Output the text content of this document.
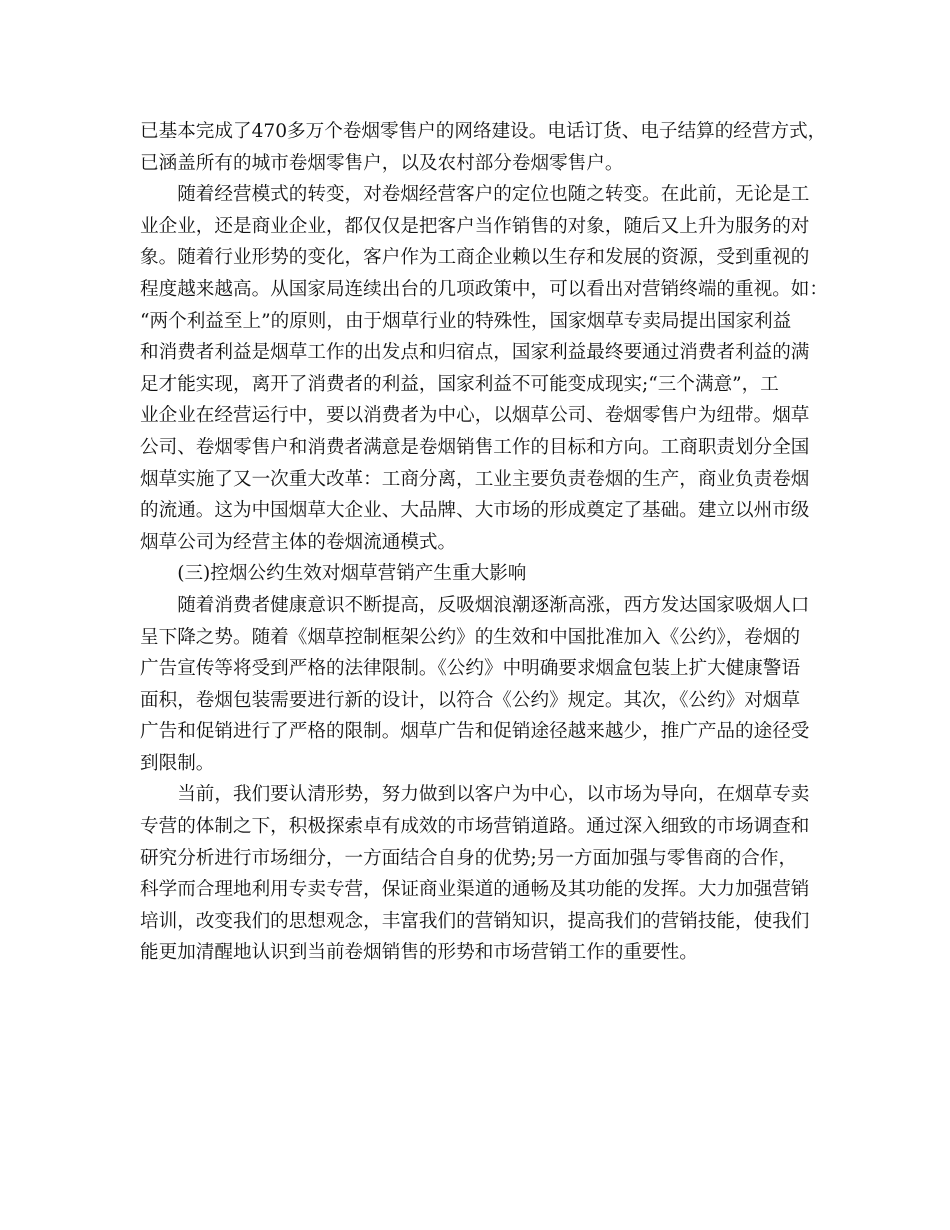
已基本完成了470多万个卷烟零售户的网络建设。电话订货、电子结算的经营方式，
已涵盖所有的城市卷烟零售户，以及农村部分卷烟零售户。
　　随着经营模式的转变，对卷烟经营客户的定位也随之转变。在此前，无论是工
业企业，还是商业企业，都仅仅是把客户当作销售的对象，随后又上升为服务的对
象。随着行业形势的变化，客户作为工商企业赖以生存和发展的资源，受到重视的
程度越来越高。从国家局连续出台的几项政策中，可以看出对营销终端的重视。如：
“两个利益至上”的原则，由于烟草行业的特殊性，国家烟草专卖局提出国家利益
和消费者利益是烟草工作的出发点和归宿点，国家利益最终要通过消费者利益的满
足才能实现，离开了消费者的利益，国家利益不可能变成现实;“三个满意”，工
业企业在经营运行中，要以消费者为中心，以烟草公司、卷烟零售户为纽带。烟草
公司、卷烟零售户和消费者满意是卷烟销售工作的目标和方向。工商职责划分全国
烟草实施了又一次重大改革：工商分离，工业主要负责卷烟的生产，商业负责卷烟
的流通。这为中国烟草大企业、大品牌、大市场的形成奠定了基础。建立以州市级
烟草公司为经营主体的卷烟流通模式。
　　(三)控烟公约生效对烟草营销产生重大影响
　　随着消费者健康意识不断提高，反吸烟浪潮逐渐高涨，西方发达国家吸烟人口
呈下降之势。随着《烟草控制框架公约》的生效和中国批准加入《公约》，卷烟的
广告宣传等将受到严格的法律限制。《公约》中明确要求烟盒包装上扩大健康警语
面积，卷烟包装需要进行新的设计，以符合《公约》规定。其次，《公约》对烟草
广告和促销进行了严格的限制。烟草广告和促销途径越来越少，推广产品的途径受
到限制。
　　当前，我们要认清形势，努力做到以客户为中心，以市场为导向，在烟草专卖
专营的体制之下，积极探索卓有成效的市场营销道路。通过深入细致的市场调查和
研究分析进行市场细分，一方面结合自身的优势;另一方面加强与零售商的合作，
科学而合理地利用专卖专营，保证商业渠道的通畅及其功能的发挥。大力加强营销
培训，改变我们的思想观念，丰富我们的营销知识，提高我们的营销技能，使我们
能更加清醒地认识到当前卷烟销售的形势和市场营销工作的重要性。
